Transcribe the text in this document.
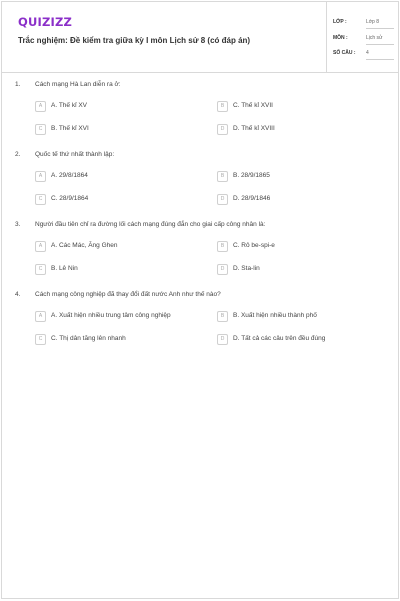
QUIZIZZ
Trắc nghiệm: Đề kiểm tra giữa kỳ I môn Lịch sử 8 (có đáp án)
LỚP :	Lớp 8
MÔN :	Lịch sử
SỐ CÂU : 4
1. Cách mạng Hà Lan diễn ra ở:
A	A. Thế kỉ XV	B	C. Thế kỉ XVII
C	B. Thế kỉ XVI	D	D. Thế kỉ XVIII
2. Quốc tế thứ nhất thành lập:
A	A. 29/8/1864	B	B. 28/9/1865
C	C. 28/9/1864	D	D. 28/9/1846
3. Người đầu tiên chỉ ra đường lối cách mạng đúng đắn cho giai cấp công nhân là:
A	A. Các Mác, Ăng Ghen	B	C. Rô be-spi-e
C	B. Lê Nin	D	D. Sta-lin
4. Cách mạng công nghiệp đã thay đổi đất nước Anh như thế nào?
A	A. Xuất hiện nhiều trung tâm công nghiệp	B	B. Xuất hiện nhiều thành phố
C	C. Thị dân tăng lên nhanh	D	D. Tất cả các câu trên đều đúng
